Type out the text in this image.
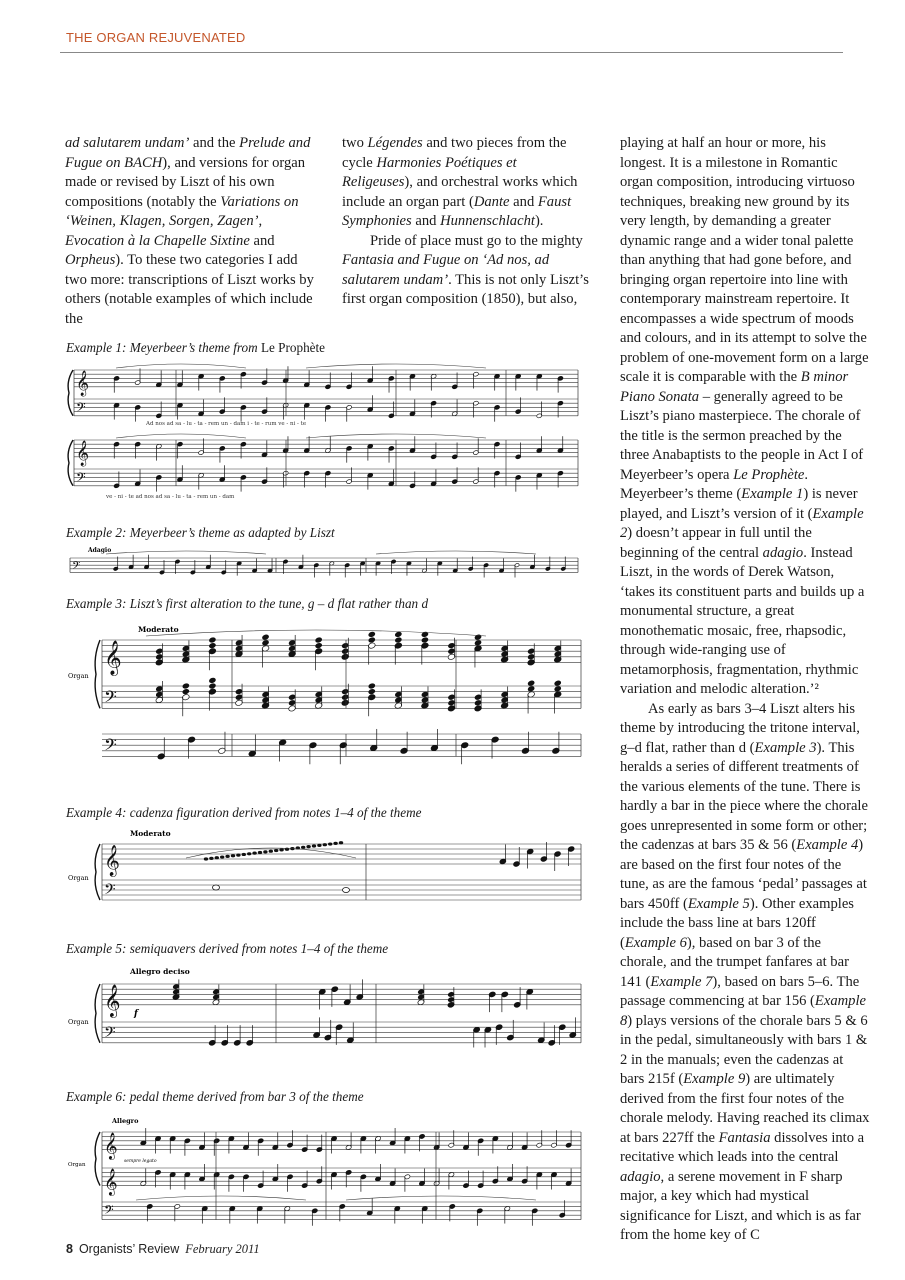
THE ORGAN REJUVENATED

ad salutarem undam’ and the Prelude and Fugue on BACH), and versions for organ made or revised by Liszt of his own compositions (notably the Variations on ‘Weinen, Klagen, Sorgen, Zagen’, Evocation à la Chapelle Sixtine and Orpheus). To these two categories I add two more: transcriptions of Liszt works by others (notable examples of which include the

two Légendes and two pieces from the cycle Harmonies Poétiques et Religeuses), and orchestral works which include an organ part (Dante and Faust Symphonies and Hunnenschlacht).

Pride of place must go to the mighty Fantasia and Fugue on ‘Ad nos, ad salutarem undam’. This is not only Liszt’s first organ composition (1850), but also,

playing at half an hour or more, his longest. It is a milestone in Romantic organ composition, introducing virtuoso techniques, breaking new ground by its very length, by demanding a greater dynamic range and a wider tonal palette than anything that had gone before, and bringing organ repertoire into line with contemporary mainstream repertoire. It encompasses a wide spectrum of moods and colours, and in its attempt to solve the problem of one-movement form on a large scale it is comparable with the B minor Piano Sonata – generally agreed to be Liszt’s piano masterpiece. The chorale of the title is the sermon preached by the three Anabaptists to the people in Act I of Meyerbeer’s opera Le Prophète. Meyerbeer’s theme (Example 1) is never played, and Liszt’s version of it (Example 2) doesn’t appear in full until the beginning of the central adagio. Instead Liszt, in the words of Derek Watson, ‘takes its constituent parts and builds up a monumental structure, a great monothematic mosaic, free, rhapsodic, through wide-ranging use of metamorphosis, fragmentation, rhythmic variation and melodic alteration.’²

As early as bars 3–4 Liszt alters his theme by introducing the tritone interval, g–d flat, rather than d (Example 3). This heralds a series of different treatments of the various elements of the tune. There is hardly a bar in the piece where the chorale goes unrepresented in some form or other; the cadenzas at bars 35 & 56 (Example 4) are based on the first four notes of the tune, as are the famous ‘pedal’ passages at bars 450ff (Example 5). Other examples include the bass line at bars 120ff (Example 6), based on bar 3 of the chorale, and the trumpet fanfares at bar 141 (Example 7), based on bars 5–6. The passage commencing at bar 156 (Example 8) plays versions of the chorale bars 5 & 6 in the pedal, simultaneously with bars 1 & 2 in the manuals; even the cadenzas at bars 215f (Example 9) are ultimately derived from the first four notes of the chorale melody. Having reached its climax at bars 227ff the Fantasia dissolves into a recitative which leads into the central adagio, a serene movement in F sharp major, a key which had mystical significance for Liszt, and which is as far from the home key of C

Example 1: Meyerbeer’s theme from Le Prophète
𝄞
𝄢
𝄞
𝄢
Ad nos ad sa - lu - ta - rem un - dam i - te - rum ve - ni - te
ve - ni - te ad nos ad sa - lu - ta - rem un - dam
Example 2: Meyerbeer’s theme as adapted by Liszt
Adagio
𝄢
Example 3: Liszt’s first alteration to the tune, g – d flat rather than d
Moderato
Organ
𝄞
𝄢
𝄢
Example 4: cadenza figuration derived from notes 1–4 of the theme
Moderato
Organ
𝄞
𝄢
Example 5: semiquavers derived from notes 1–4 of the theme
Allegro deciso
Organ
f
𝄞
𝄢
Example 6: pedal theme derived from bar 3 of the theme
Allegro
Organ
sempre legato
𝄞
𝄞
𝄢
8 Organists’ Review February 2011
